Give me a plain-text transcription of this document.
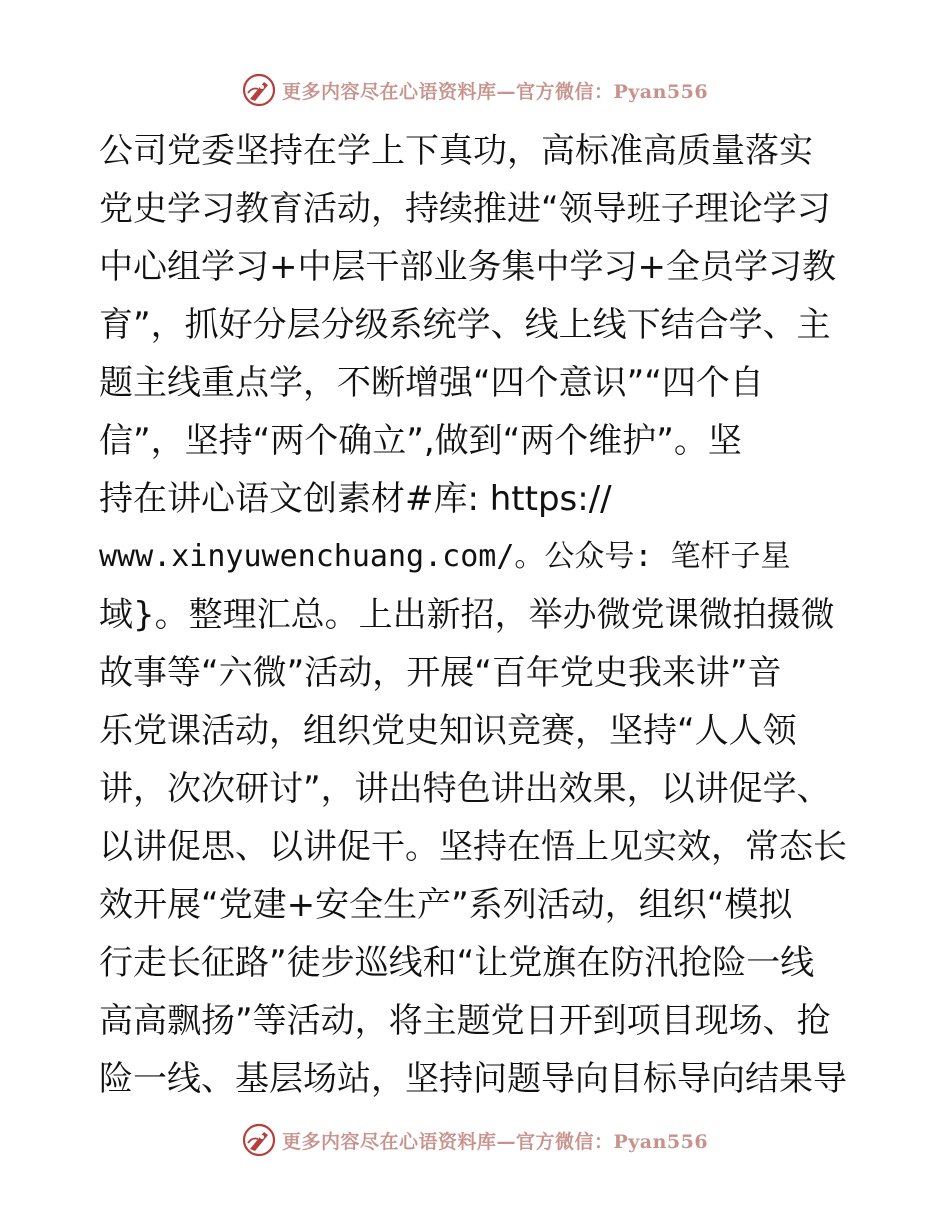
更多内容尽在心语资料库—官方微信：Pyan556
公司党委坚持在学上下真功，高标准高质量落实
党史学习教育活动，持续推进“领导班子理论学习
中心组学习+中层干部业务集中学习+全员学习教
育”，抓好分层分级系统学、线上线下结合学、主
题主线重点学，不断增强“四个意识”“四个自
信”，坚持“两个确立”,做到“两个维护”。坚
持在讲心语文创素材#库: https://
www.xinyuwenchuang.com/。公众号: 笔杆子星
域}。整理汇总。上出新招，举办微党课微拍摄微
故事等“六微”活动，开展“百年党史我来讲”音
乐党课活动，组织党史知识竞赛，坚持“人人领
讲，次次研讨”，讲出特色讲出效果，以讲促学、
以讲促思、以讲促干。坚持在悟上见实效，常态长
效开展“党建+安全生产”系列活动，组织“模拟
行走长征路”徒步巡线和“让党旗在防汛抢险一线
高高飘扬”等活动，将主题党日开到项目现场、抢
险一线、基层场站，坚持问题导向目标导向结果导
更多内容尽在心语资料库—官方微信：Pyan556
